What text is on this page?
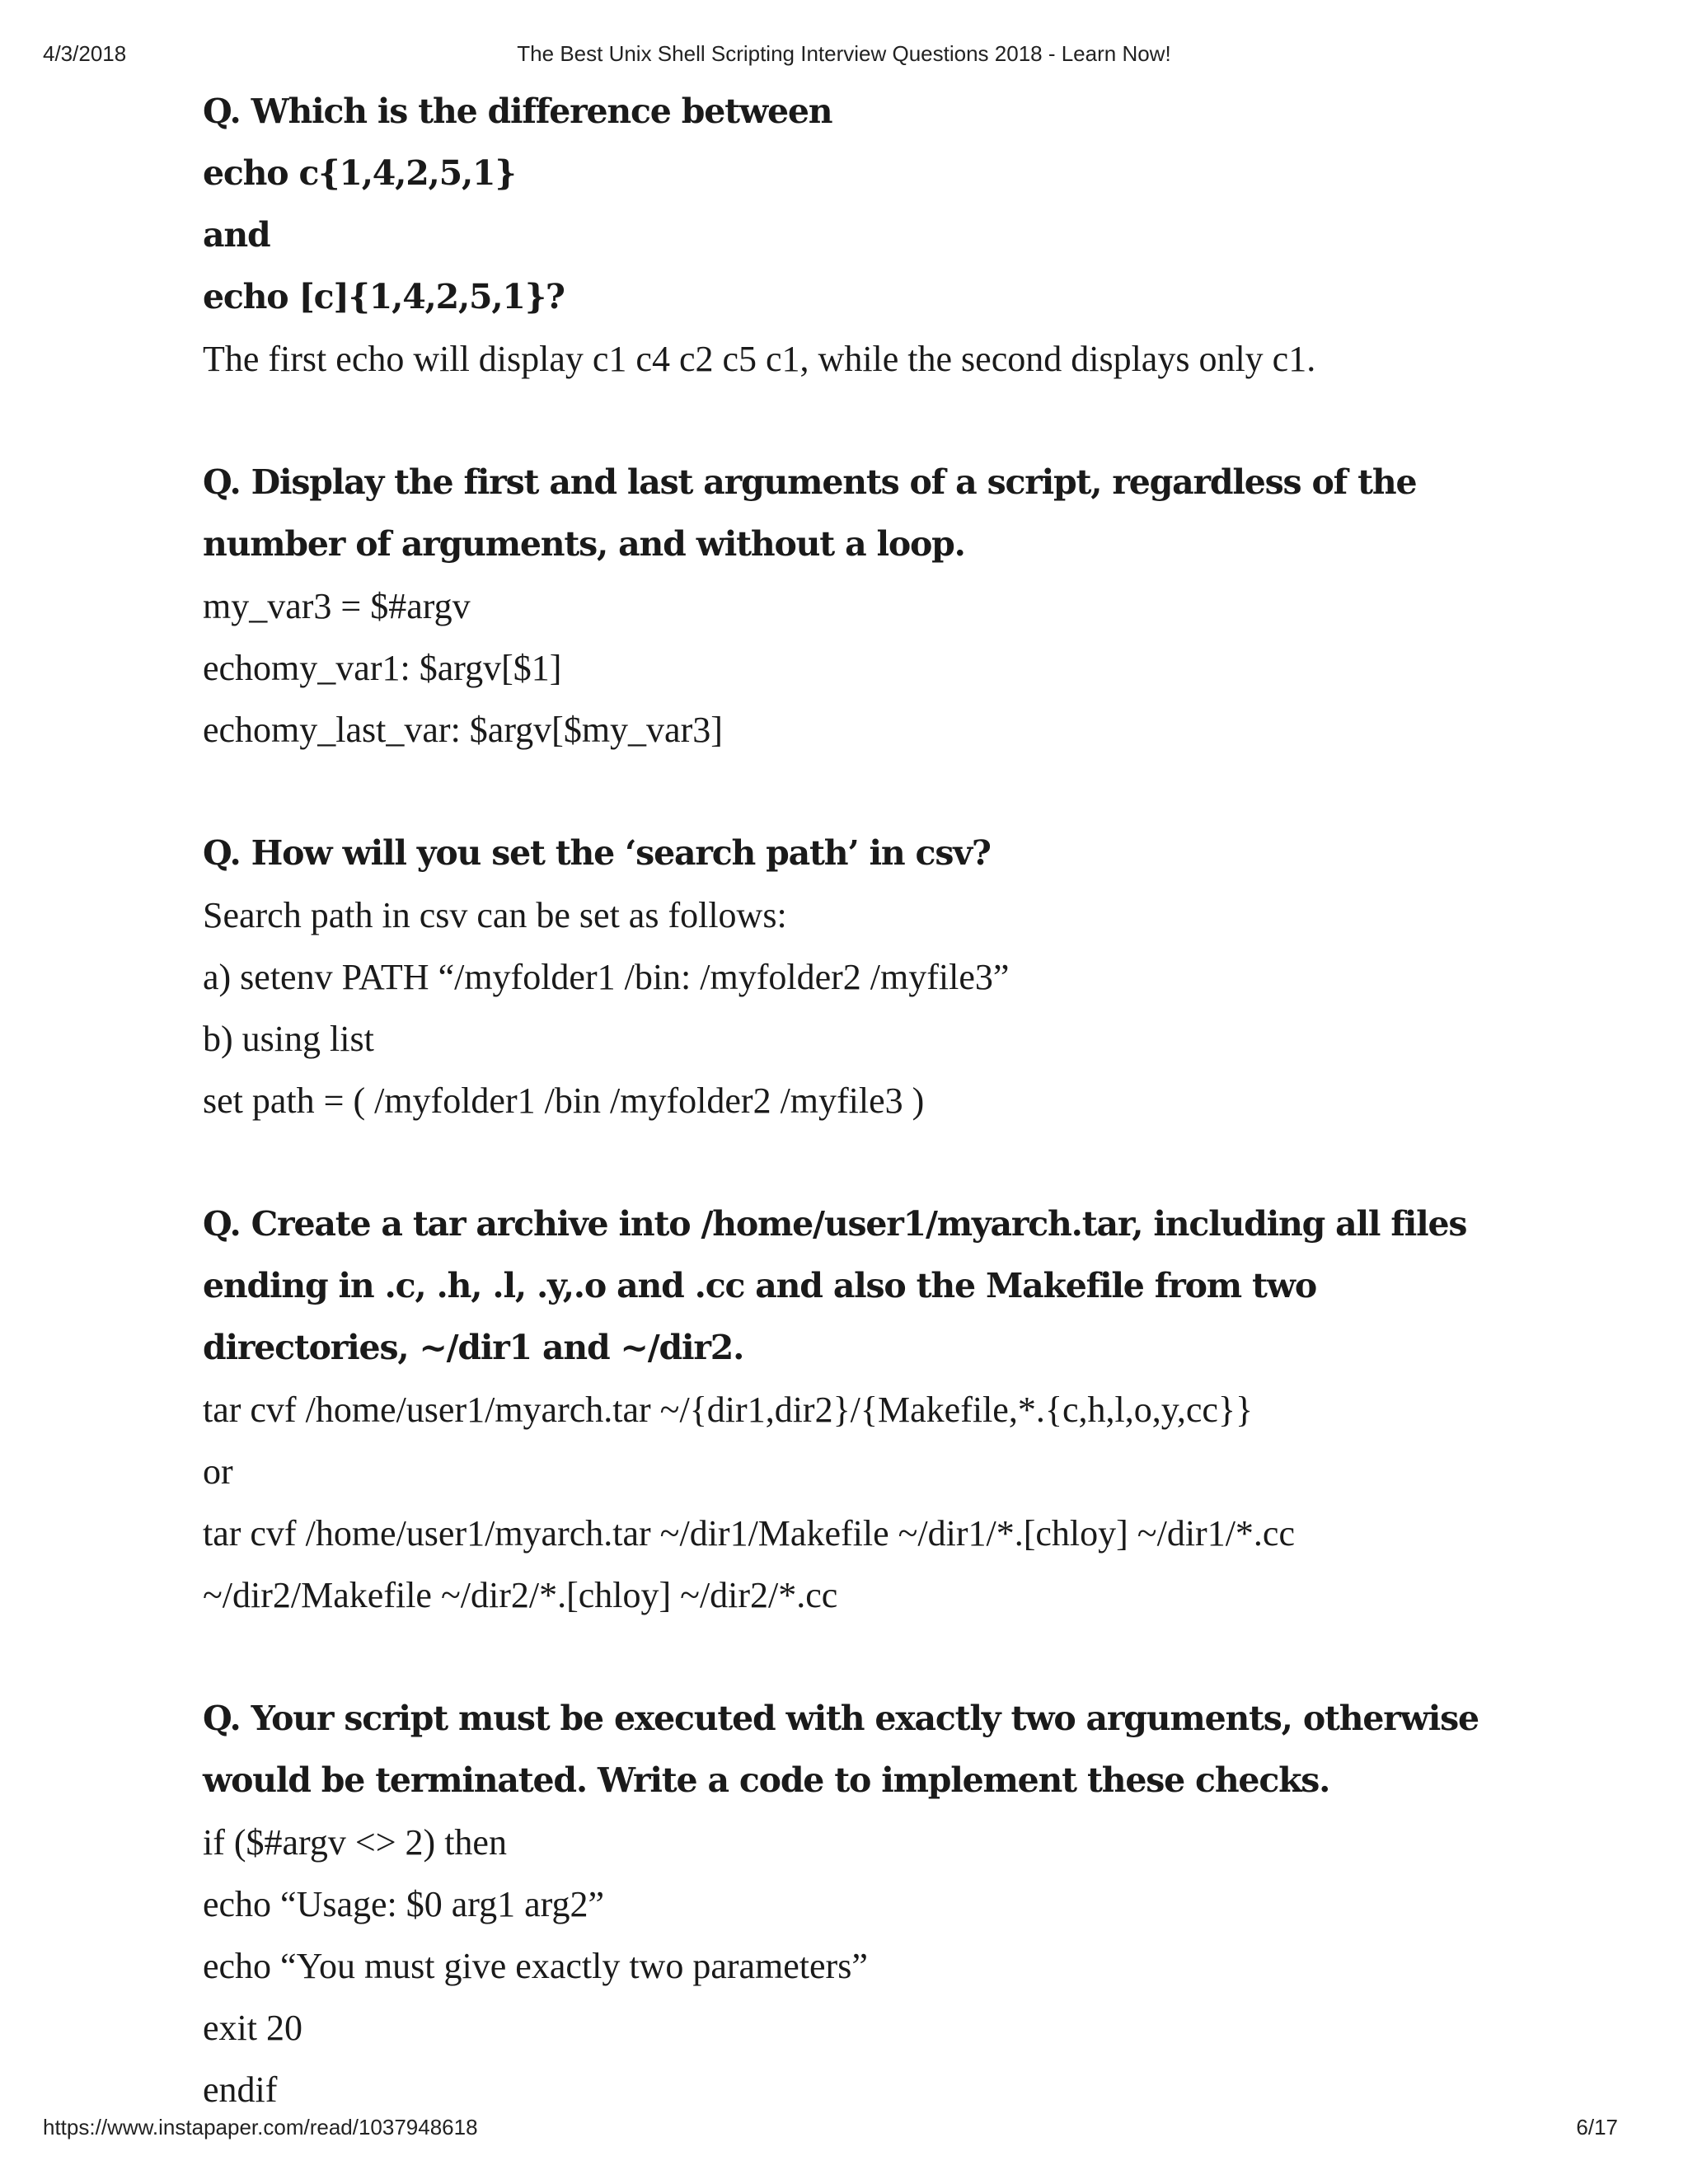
4/3/2018	The Best Unix Shell Scripting Interview Questions 2018 - Learn Now!

Q. Which is the difference between

echo c{1,4,2,5,1}

and

echo [c]{1,4,2,5,1}?

The first echo will display c1 c4 c2 c5 c1, while the second displays only c1.

Q. Display the first and last arguments of a script, regardless of the

number of arguments, and without a loop.

my_var3 = $#argv

echomy_var1: $argv[$1]

echomy_last_var: $argv[$my_var3]

Q. How will you set the ‘search path’ in csv?

Search path in csv can be set as follows:

a) setenv PATH “/myfolder1 /bin: /myfolder2 /myfile3”

b) using list

set path = ( /myfolder1 /bin /myfolder2 /myfile3 )

Q. Create a tar archive into /home/user1/myarch.tar, including all files

ending in .c, .h, .l, .y,.o and .cc and also the Makefile from two

directories, ~/dir1 and ~/dir2.

tar cvf /home/user1/myarch.tar ~/{dir1,dir2}/{Makefile,*.{c,h,l,o,y,cc}}

or

tar cvf /home/user1/myarch.tar ~/dir1/Makefile ~/dir1/*.[chloy] ~/dir1/*.cc

~/dir2/Makefile ~/dir2/*.[chloy] ~/dir2/*.cc

Q. Your script must be executed with exactly two arguments, otherwise

would be terminated. Write a code to implement these checks.

if ($#argv <> 2) then

echo “Usage: $0 arg1 arg2”

echo “You must give exactly two parameters”

exit 20

endif

https://www.instapaper.com/read/1037948618	6/17
